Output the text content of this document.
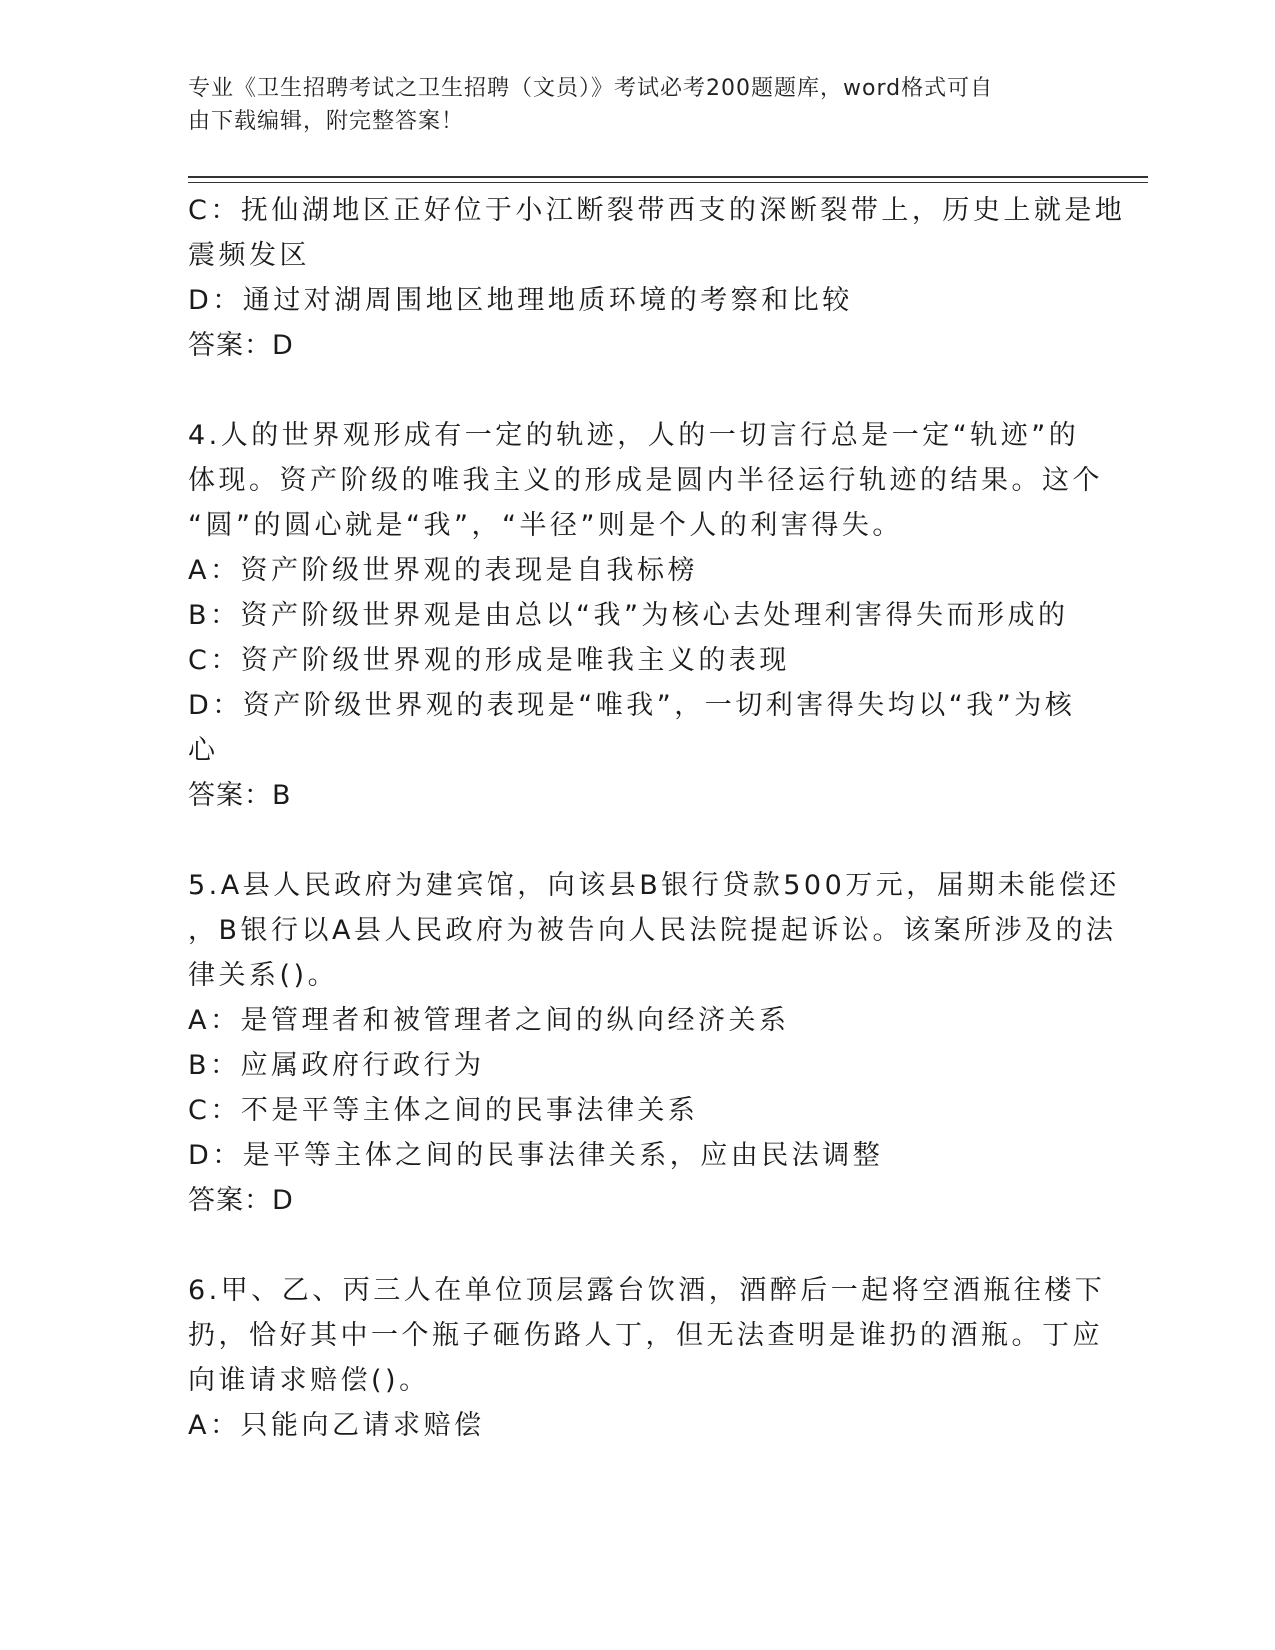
专业《卫生招聘考试之卫生招聘（文员）》考试必考200题题库，word格式可自
由下载编辑，附完整答案！
C：抚仙湖地区正好位于小江断裂带西支的深断裂带上，历史上就是地
震频发区
D：通过对湖周围地区地理地质环境的考察和比较
答案：D
4.人的世界观形成有一定的轨迹，人的一切言行总是一定“轨迹”的
体现。资产阶级的唯我主义的形成是圆内半径运行轨迹的结果。这个
“圆”的圆心就是“我”，“半径”则是个人的利害得失。
A：资产阶级世界观的表现是自我标榜
B：资产阶级世界观是由总以“我”为核心去处理利害得失而形成的
C：资产阶级世界观的形成是唯我主义的表现
D：资产阶级世界观的表现是“唯我”，一切利害得失均以“我”为核
心
答案：B
5.A县人民政府为建宾馆，向该县B银行贷款500万元，届期未能偿还
，B银行以A县人民政府为被告向人民法院提起诉讼。该案所涉及的法
律关系()。
A：是管理者和被管理者之间的纵向经济关系
B：应属政府行政行为
C：不是平等主体之间的民事法律关系
D：是平等主体之间的民事法律关系，应由民法调整
答案：D
6.甲、乙、丙三人在单位顶层露台饮酒，酒醉后一起将空酒瓶往楼下
扔，恰好其中一个瓶子砸伤路人丁，但无法查明是谁扔的酒瓶。丁应
向谁请求赔偿()。
A：只能向乙请求赔偿
